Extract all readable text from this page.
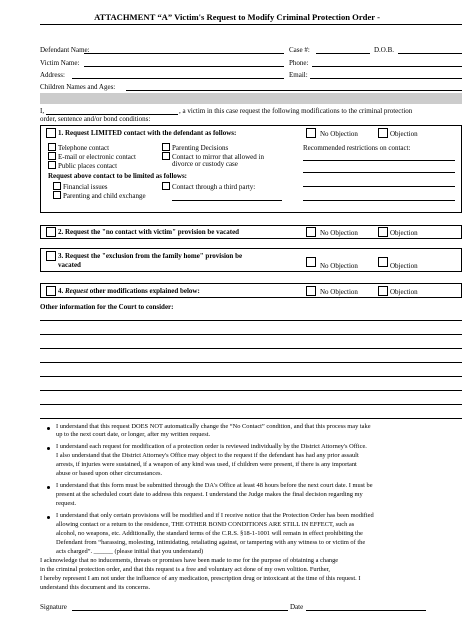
ATTACHMENT “A” Victim's Request to Modify Criminal Protection Order -
Defendant Name:	Case #:	D.O.B.
Victim Name:	Phone:
Address:	Email:
Children Names and Ages:
I,	, a victim in this case request the following modifications to the criminal protection
order, sentence and/or bond conditions:
1. Request LIMITED contact with the defendant as follows:	No Objection	Objection
Telephone contact	Parenting Decisions	Recommended restrictions on contact:
E-mail or electronic contact	Contact to mirror that allowed in
divorce or custody case
Public places contact
Request above contact to be limited as follows:
Financial issues	Contact through a third party:
Parenting and child exchange
2. Request the "no contact with victim" provision be vacated	No Objection	Objection
3. Request the "exclusion from the family home" provision be
vacated	No Objection	Objection
4. Request other modifications explained below:	No Objection	Objection
Other information for the Court to consider:
I understand that this request DOES NOT automatically change the “No Contact” condition, and that this process may take
up to the next court date, or longer, after my written request.
I understand each request for modification of a protection order is reviewed individually by the District Attorney's Office.
I also understand that the District Attorney's Office may object to the request if the defendant has had any prior assault
arrests, if injuries were sustained, if a weapon of any kind was used, if children were present, if there is any important
abuse or based upon other circumstances.
I understand that this form must be submitted through the DA's Office at least 48 hours before the next court date. I must be
present at the scheduled court date to address this request. I understand the Judge makes the final decision regarding my
request.
I understand that only certain provisions will be modified and if I receive notice that the Protection Order has been modified
allowing contact or a return to the residence, THE OTHER BOND CONDITIONS ARE STILL IN EFFECT, such as
alcohol, no weapons, etc. Additionally, the standard terms of the C.R.S. §18-1-1001 will remain in effect prohibiting the
Defendant from “harassing, molesting, intimidating, retaliating against, or tampering with any witness to or victim of the
acts charged”. ______ (please initial that you understand)
I acknowledge that no inducements, threats or promises have been made to me for the purpose of obtaining a change
in the criminal protection order, and that this request is a free and voluntary act done of my own volition. Further,
I hereby represent I am not under the influence of any medication, prescription drug or intoxicant at the time of this request. I
understand this document and its concerns.
Signature	Date
